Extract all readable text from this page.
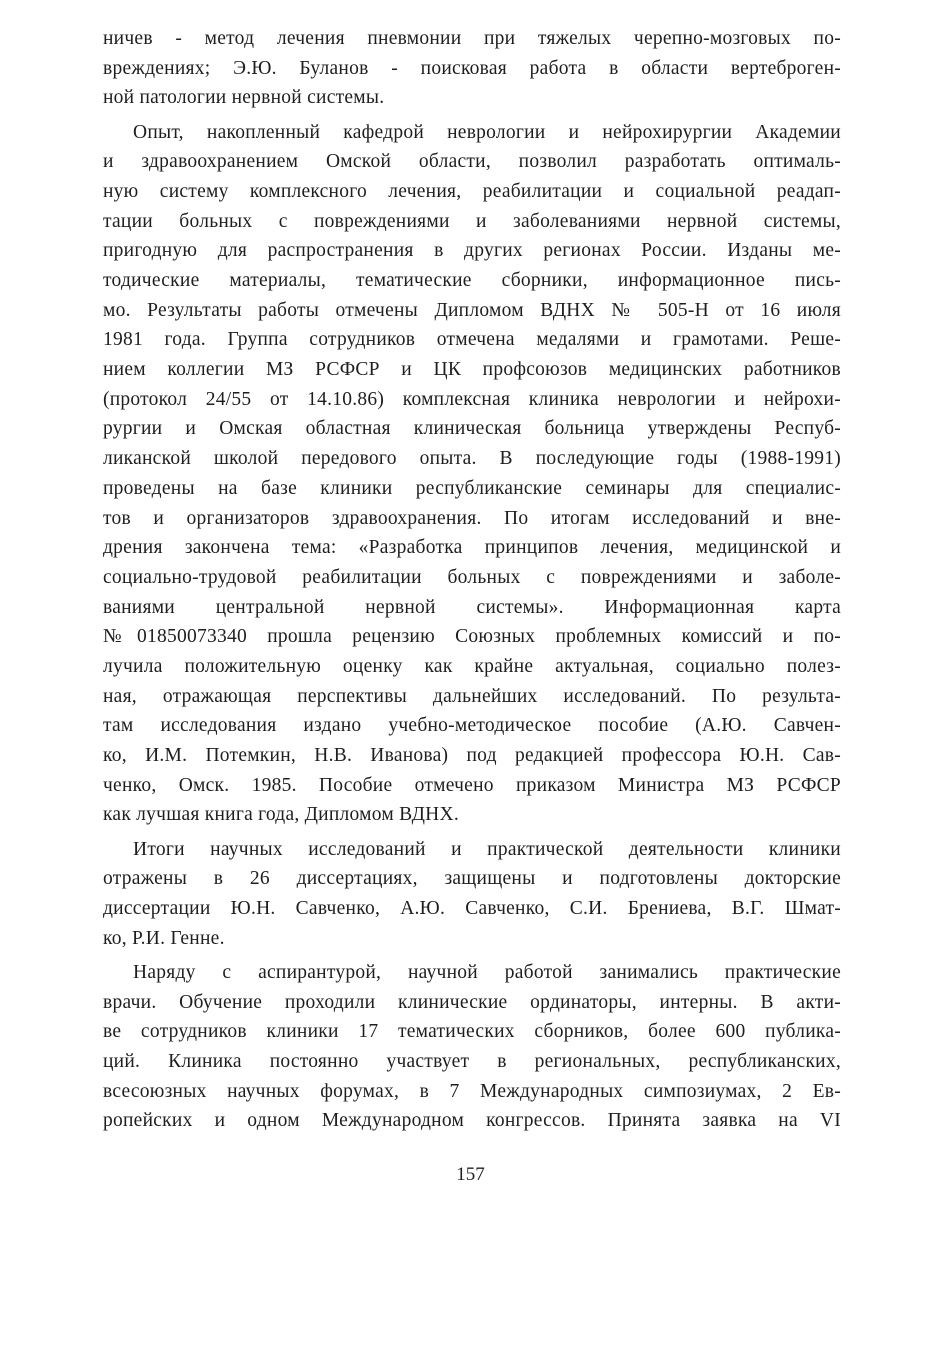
ничев - метод лечения пневмонии при тяжелых черепно-мозговых по-
вреждениях; Э.Ю. Буланов - поисковая работа в области вертеброген-
ной патологии нервной системы.
Опыт, накопленный кафедрой неврологии и нейрохирургии Академии
и здравоохранением Омской области, позволил разработать оптималь-
ную систему комплексного лечения, реабилитации и социальной реадап-
тации больных с повреждениями и заболеваниями нервной системы,
пригодную для распространения в других регионах России. Изданы ме-
тодические материалы, тематические сборники, информационное пись-
мо. Результаты работы отмечены Дипломом ВДНХ № 505-Н от 16 июля
1981 года. Группа сотрудников отмечена медалями и грамотами. Реше-
нием коллегии МЗ РСФСР и ЦК профсоюзов медицинских работников
(протокол 24/55 от 14.10.86) комплексная клиника неврологии и нейрохи-
рургии и Омская областная клиническая больница утверждены Респуб-
ликанской школой передового опыта. В последующие годы (1988-1991)
проведены на базе клиники республиканские семинары для специалис-
тов и организаторов здравоохранения. По итогам исследований и вне-
дрения закончена тема: «Разработка принципов лечения, медицинской и
социально-трудовой реабилитации больных с повреждениями и заболе-
ваниями центральной нервной системы». Информационная карта
№01850073340 прошла рецензию Союзных проблемных комиссий и по-
лучила положительную оценку как крайне актуальная, социально полез-
ная, отражающая перспективы дальнейших исследований. По результа-
там исследования издано учебно-методическое пособие (А.Ю. Савчен-
ко, И.М. Потемкин, Н.В. Иванова) под редакцией профессора Ю.Н. Сав-
ченко, Омск. 1985. Пособие отмечено приказом Министра МЗ РСФСР
как лучшая книга года, Дипломом ВДНХ.
Итоги научных исследований и практической деятельности клиники
отражены в 26 диссертациях, защищены и подготовлены докторские
диссертации Ю.Н. Савченко, А.Ю. Савченко, С.И. Брениева, В.Г. Шмат-
ко, Р.И. Генне.
Наряду с аспирантурой, научной работой занимались практические
врачи. Обучение проходили клинические ординаторы, интерны. В акти-
ве сотрудников клиники 17 тематических сборников, более 600 публика-
ций. Клиника постоянно участвует в региональных, республиканских,
всесоюзных научных форумах, в 7 Международных симпозиумах, 2 Ев-
ропейских и одном Международном конгрессов. Принята заявка на VI
157
